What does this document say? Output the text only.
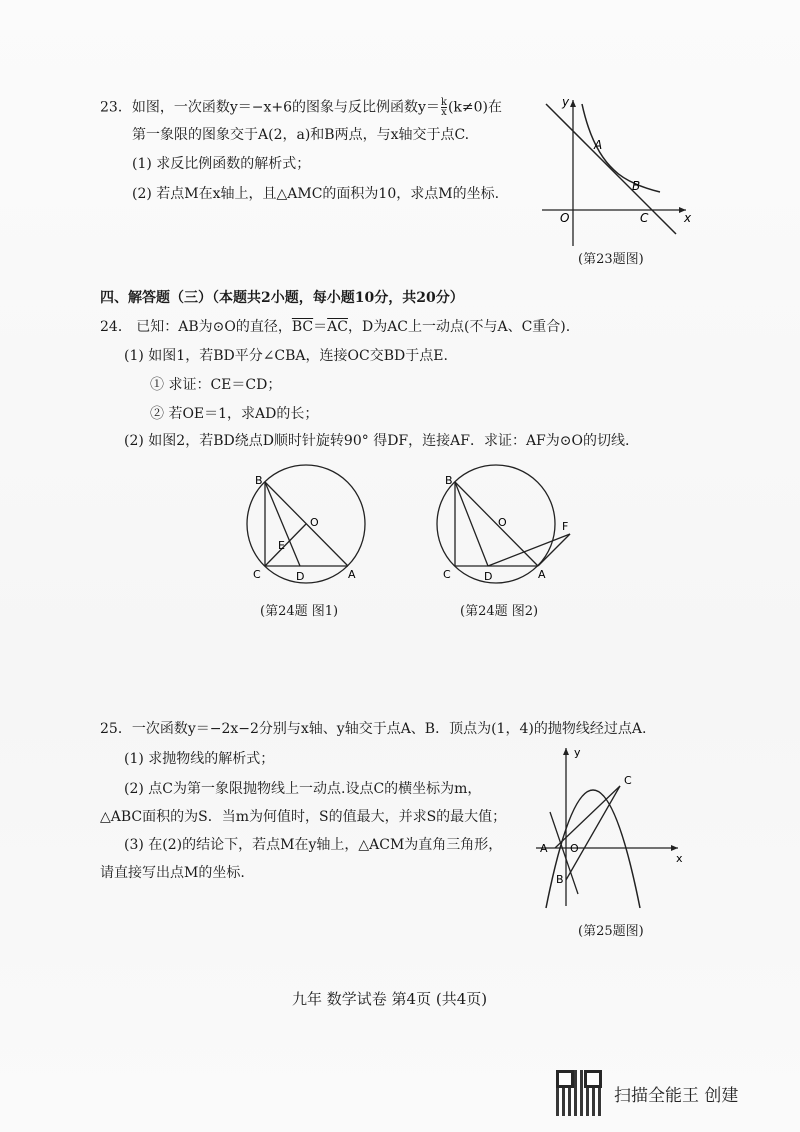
23．如图，一次函数y＝−x+6的图象与反比例函数$y= \frac{k}{x} (k\ne 0)$在
第一象限的图象交于A(2，a)和B两点，与x轴交于点C.
(1) 求反比例函数的解析式；
(2) 若点M在x轴上，且△AMC的面积为10，求点M的坐标.
y
x
O
A
B
C
(第23题图)
四、解答题（三）（本题共2小题，每小题10分，共20分）
24． 已知：AB为⊙O的直径，$\overline{BC}=\overline{AC}$，D为AC上一动点(不与A、C重合).
(1) 如图1，若BD平分∠CBA，连接OC交BD于点E.
① 求证：CE＝CD；
② 若OE＝1，求AD的长；
(2) 如图2，若BD绕点D顺时针旋转90° 得DF，连接AF．求证：AF为⊙O的切线.
B
O
E
C	D	A
(第24题 图1)
B
O	F
C	D	A
(第24题 图2)
25．一次函数y＝−2x−2分别与x轴、y轴交于点A、B．顶点为(1，4)的抛物线经过点A.
(1) 求抛物线的解析式；
(2) 点C为第一象限抛物线上一动点.设点C的横坐标为m，
△ABC面积的为S．当m为何值时，S的值最大，并求S的最大值；
(3) 在(2)的结论下，若点M在y轴上，△ACM为直角三角形，
请直接写出点M的坐标.
y
x
C
A O
B
(第25题图)
九年 数学试卷 第4页 (共4页)
扫描全能王 创建
